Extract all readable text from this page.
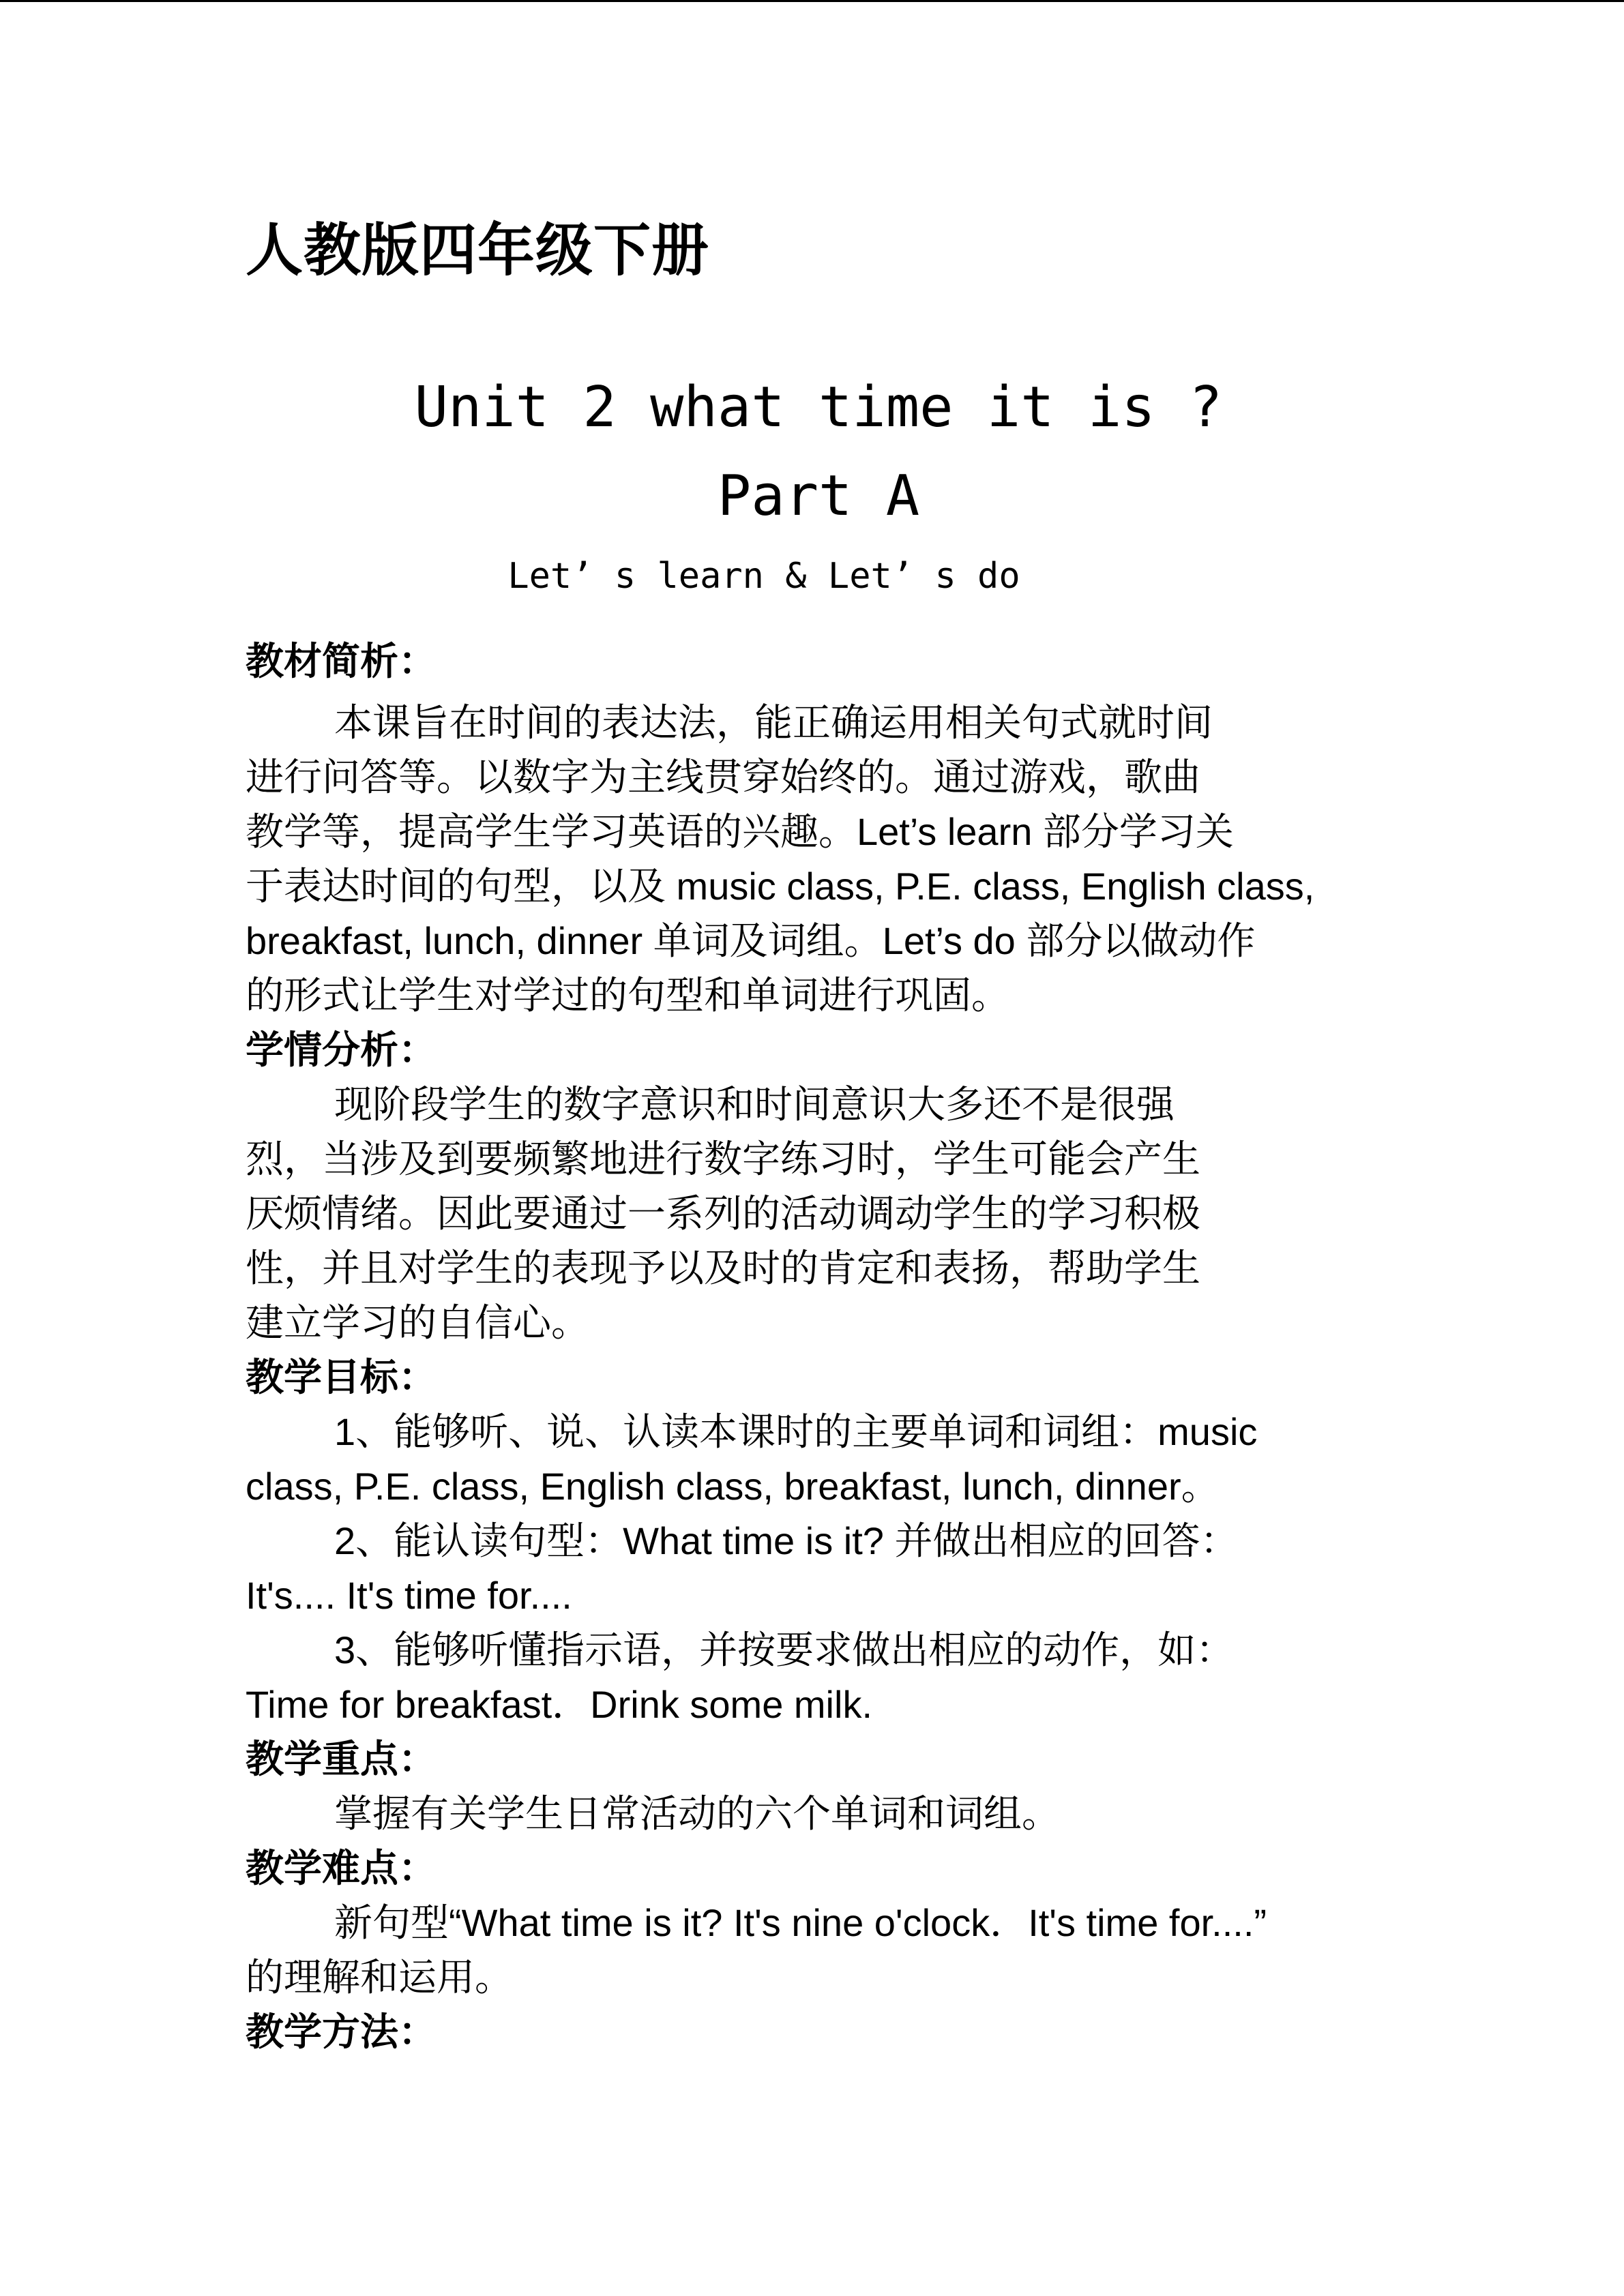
人教版四年级下册
Unit 2 what time it is ?
Part A
Let’ s learn & Let’ s do
教材简析：
本课旨在时间的表达法，能正确运用相关句式就时间
进行问答等。以数字为主线贯穿始终的。通过游戏，歌曲
教学等，提高学生学习英语的兴趣。Let’s learn 部分学习关
于表达时间的句型，以及 music class, P.E. class, English class,
breakfast, lunch, dinner 单词及词组。Let’s do 部分以做动作
的形式让学生对学过的句型和单词进行巩固。
学情分析：
现阶段学生的数字意识和时间意识大多还不是很强
烈，当涉及到要频繁地进行数字练习时，学生可能会产生
厌烦情绪。因此要通过一系列的活动调动学生的学习积极
性，并且对学生的表现予以及时的肯定和表扬，帮助学生
建立学习的自信心。
教学目标：
1、能够听、说、认读本课时的主要单词和词组：music
class, P.E. class, English class, breakfast, lunch, dinner。
2、能认读句型：What time is it? 并做出相应的回答：
It's.... It's time for....
3、能够听懂指示语，并按要求做出相应的动作，如：
Time for breakfast．Drink some milk.
教学重点：
掌握有关学生日常活动的六个单词和词组。
教学难点：
新句型“What time is it? It's nine o'clock．It's time for....”
的理解和运用。
教学方法：
